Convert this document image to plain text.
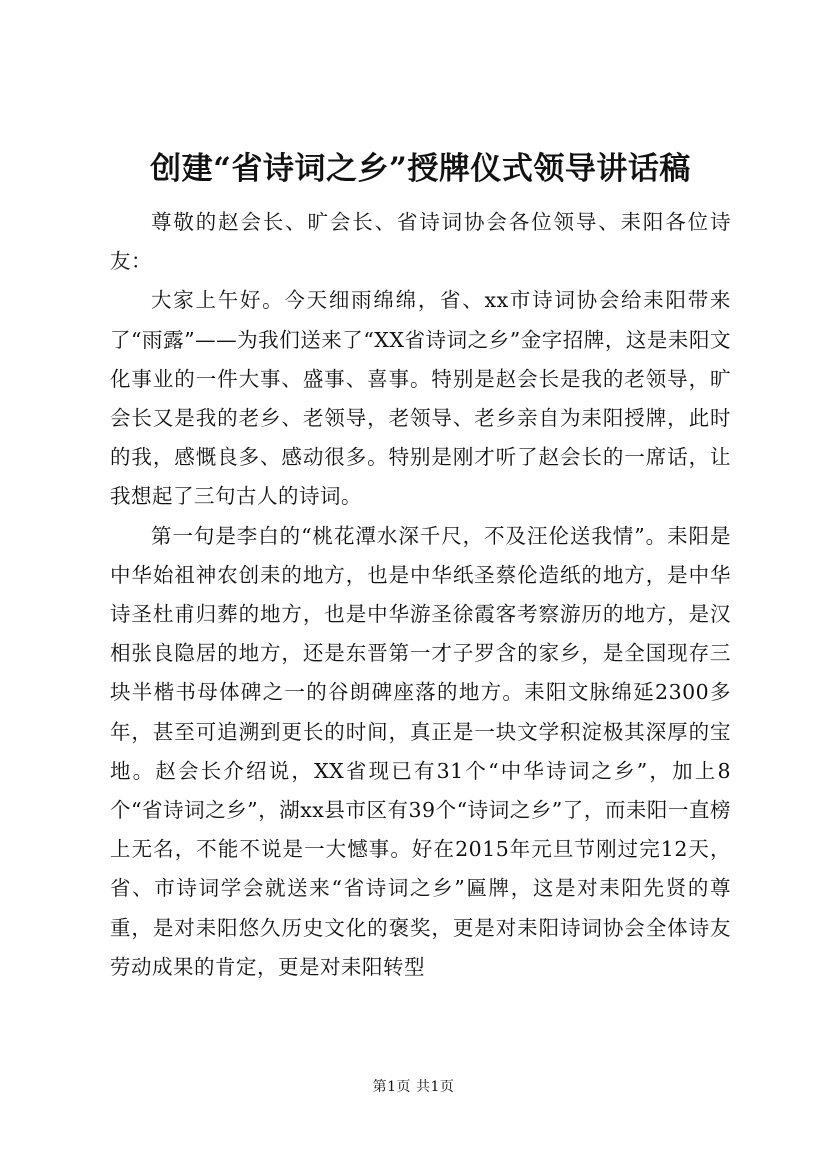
创建“省诗词之乡”授牌仪式领导讲话稿

尊敬的赵会长、旷会长、省诗词协会各位领导、耒阳各位诗友：

大家上午好。今天细雨绵绵，省、xx市诗词协会给耒阳带来了“雨露”——为我们送来了“XX省诗词之乡”金字招牌，这是耒阳文化事业的一件大事、盛事、喜事。特别是赵会长是我的老领导，旷会长又是我的老乡、老领导，老领导、老乡亲自为耒阳授牌，此时的我，感慨良多、感动很多。特别是刚才听了赵会长的一席话，让我想起了三句古人的诗词。

第一句是李白的“桃花潭水深千尺，不及汪伦送我情”。耒阳是中华始祖神农创耒的地方，也是中华纸圣蔡伦造纸的地方，是中华诗圣杜甫归葬的地方，也是中华游圣徐霞客考察游历的地方，是汉相张良隐居的地方，还是东晋第一才子罗含的家乡，是全国现存三块半楷书母体碑之一的谷朗碑座落的地方。耒阳文脉绵延2300多年，甚至可追溯到更长的时间，真正是一块文学积淀极其深厚的宝地。赵会长介绍说，XX省现已有31个“中华诗词之乡”，加上8个“省诗词之乡”，湖xx县市区有39个“诗词之乡”了，而耒阳一直榜上无名，不能不说是一大憾事。好在2015年元旦节刚过完12天，省、市诗词学会就送来“省诗词之乡”匾牌，这是对耒阳先贤的尊重，是对耒阳悠久历史文化的褒奖，更是对耒阳诗词协会全体诗友劳动成果的肯定，更是对耒阳转型

第1页 共1页
